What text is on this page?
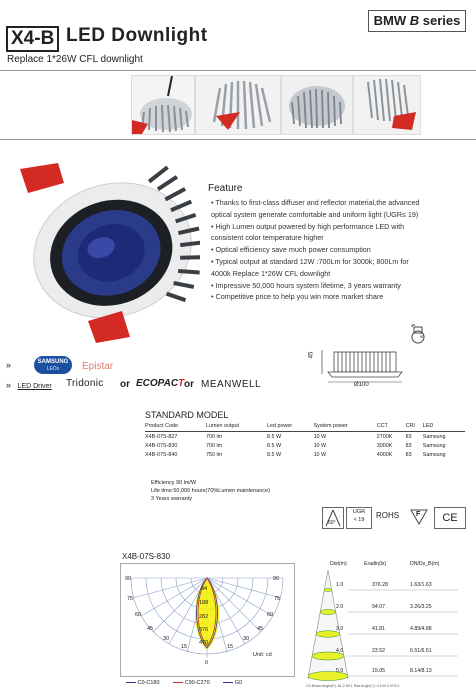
BMW B series
X4-B LED Downlight
Replace 1*26W CFL downlight
Feature
• Thanks to first-class diffuser and reflector material,the advanced
optical system generate comfortable and uniform light (UGR≤ 19)
• High Lumen output powered by high performance LED with
consistent color temperature higher
• Optical efficiency save much power consumption
• Typical output at standard 12W :700Lm for 3000k; 800Lm for
4000k Replace 1*26W CFL downlight
• Impressive 50,000 hours system lifetime, 3 years warranty
• Competitive price to help you win more market share
90
45
Ø100
»	SAMSUNG
LEDs	Epistar
» LED Driver Tridonic or ECOPACT or MEANWELL
STANDARD MODEL
Product Code	Lumen output	Led power	System power	CCT	CRI	LED
X4B-07S-827	700 lm	8.5 W	10 W	2700K	83	Samsung
X4B-07S-830	700 lm	8.5 W	10 W	3000K	83	Samsung
X4B-07S-840	750 lm	8.5 W	10 W	4000K	83	Samsung
Efficiency 90 lm/W
Life time:50,000 hours(70%Lumen maintenance)
3 Years warranty
60°
UGR
< 19	ROHS F	CE
X4B-07S-830
90	90
75	75
60	60
45	45
30	30
15	15
0
94
188
282
376
470
Unit: cd
C0-C180	C90-C270	G0
Dist(m)	Eradin(lx)	DN/Dv_B(m)
1.0	376.28	1.63/1.63
2.0	94.07	3.26/3.25
3.0	41.81	4.89/4.88
4.0	23.52	6.51/6.51
5.0	15.05	8.14/8.13
C0 Beam Angle(E): 61.2 59.1 Rad Angle(?): 0.103 0.97/0.1
